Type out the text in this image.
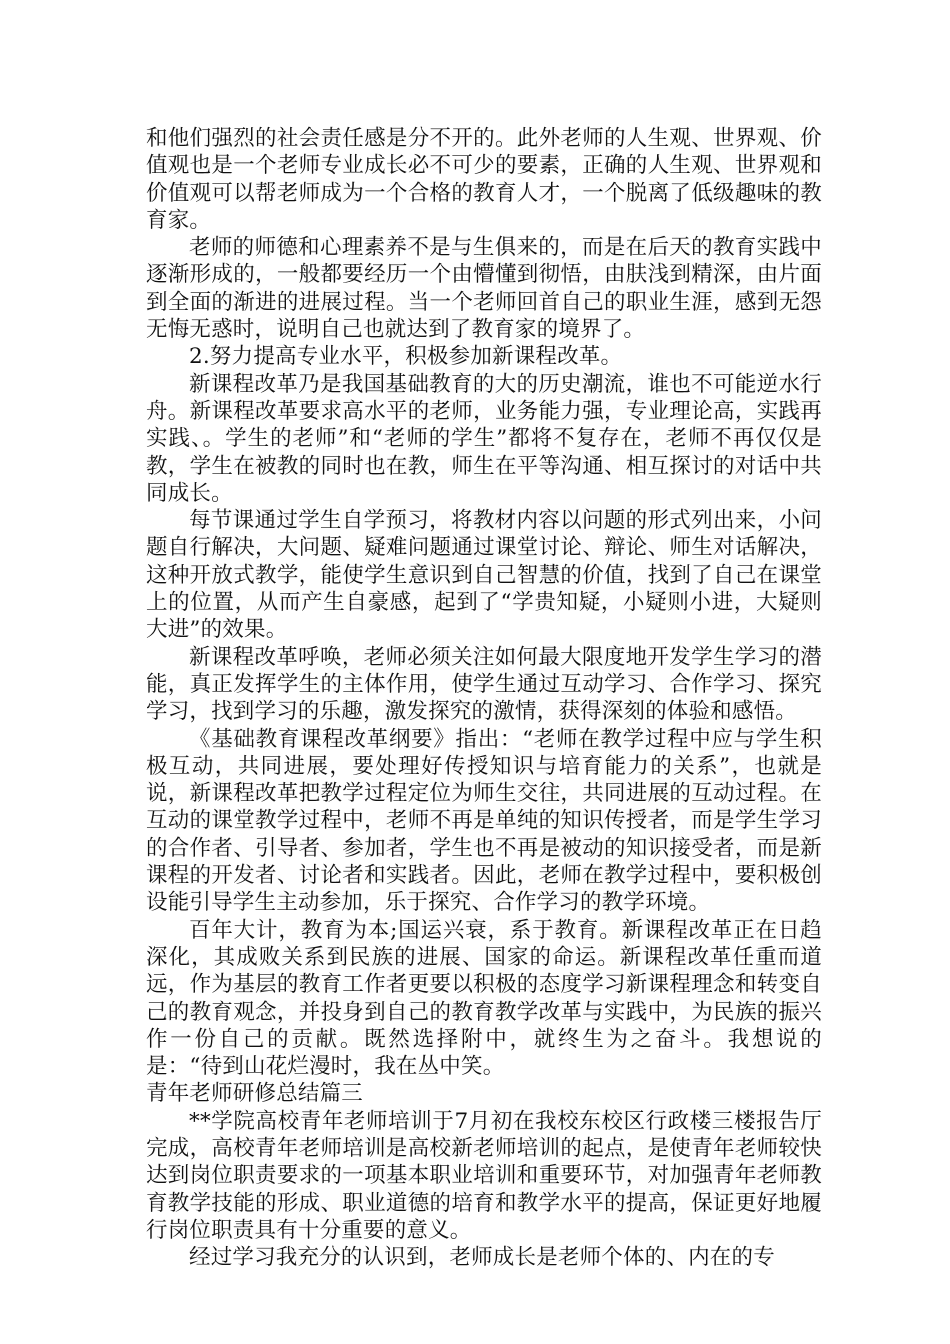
和他们强烈的社会责任感是分不开的。此外老师的人生观、世界观、价值观也是一个老师专业成长必不可少的要素，正确的人生观、世界观和价值观可以帮老师成为一个合格的教育人才，一个脱离了低级趣味的教育家。

老师的师德和心理素养不是与生俱来的，而是在后天的教育实践中逐渐形成的，一般都要经历一个由懵懂到彻悟，由肤浅到精深，由片面到全面的渐进的进展过程。当一个老师回首自己的职业生涯，感到无怨无悔无惑时，说明自己也就达到了教育家的境界了。

2.努力提高专业水平，积极参加新课程改革。

新课程改革乃是我国基础教育的大的历史潮流，谁也不可能逆水行舟。新课程改革要求高水平的老师，业务能力强，专业理论高，实践再实践、。学生的老师”和“老师的学生”都将不复存在，老师不再仅仅是教，学生在被教的同时也在教，师生在平等沟通、相互探讨的对话中共同成长。

每节课通过学生自学预习，将教材内容以问题的形式列出来，小问题自行解决，大问题、疑难问题通过课堂讨论、辩论、师生对话解决，这种开放式教学，能使学生意识到自己智慧的价值，找到了自己在课堂上的位置，从而产生自豪感，起到了“学贵知疑，小疑则小进，大疑则大进”的效果。

新课程改革呼唤，老师必须关注如何最大限度地开发学生学习的潜能，真正发挥学生的主体作用，使学生通过互动学习、合作学习、探究学习，找到学习的乐趣，激发探究的激情，获得深刻的体验和感悟。

《基础教育课程改革纲要》指出：“老师在教学过程中应与学生积极互动，共同进展，要处理好传授知识与培育能力的关系”，也就是说，新课程改革把教学过程定位为师生交往，共同进展的互动过程。在互动的课堂教学过程中，老师不再是单纯的知识传授者，而是学生学习的合作者、引导者、参加者，学生也不再是被动的知识接受者，而是新课程的开发者、讨论者和实践者。因此，老师在教学过程中，要积极创设能引导学生主动参加，乐于探究、合作学习的教学环境。

百年大计，教育为本;国运兴衰，系于教育。新课程改革正在日趋深化，其成败关系到民族的进展、国家的命运。新课程改革任重而道远，作为基层的教育工作者更要以积极的态度学习新课程理念和转变自己的教育观念，并投身到自己的教育教学改革与实践中，为民族的振兴作一份自己的贡献。既然选择附中，就终生为之奋斗。我想说的是：“待到山花烂漫时，我在丛中笑。

青年老师研修总结篇三

**学院高校青年老师培训于7月初在我校东校区行政楼三楼报告厅完成，高校青年老师培训是高校新老师培训的起点，是使青年老师较快达到岗位职责要求的一项基本职业培训和重要环节，对加强青年老师教育教学技能的形成、职业道德的培育和教学水平的提高，保证更好地履行岗位职责具有十分重要的意义。

经过学习我充分的认识到，老师成长是老师个体的、内在的专
